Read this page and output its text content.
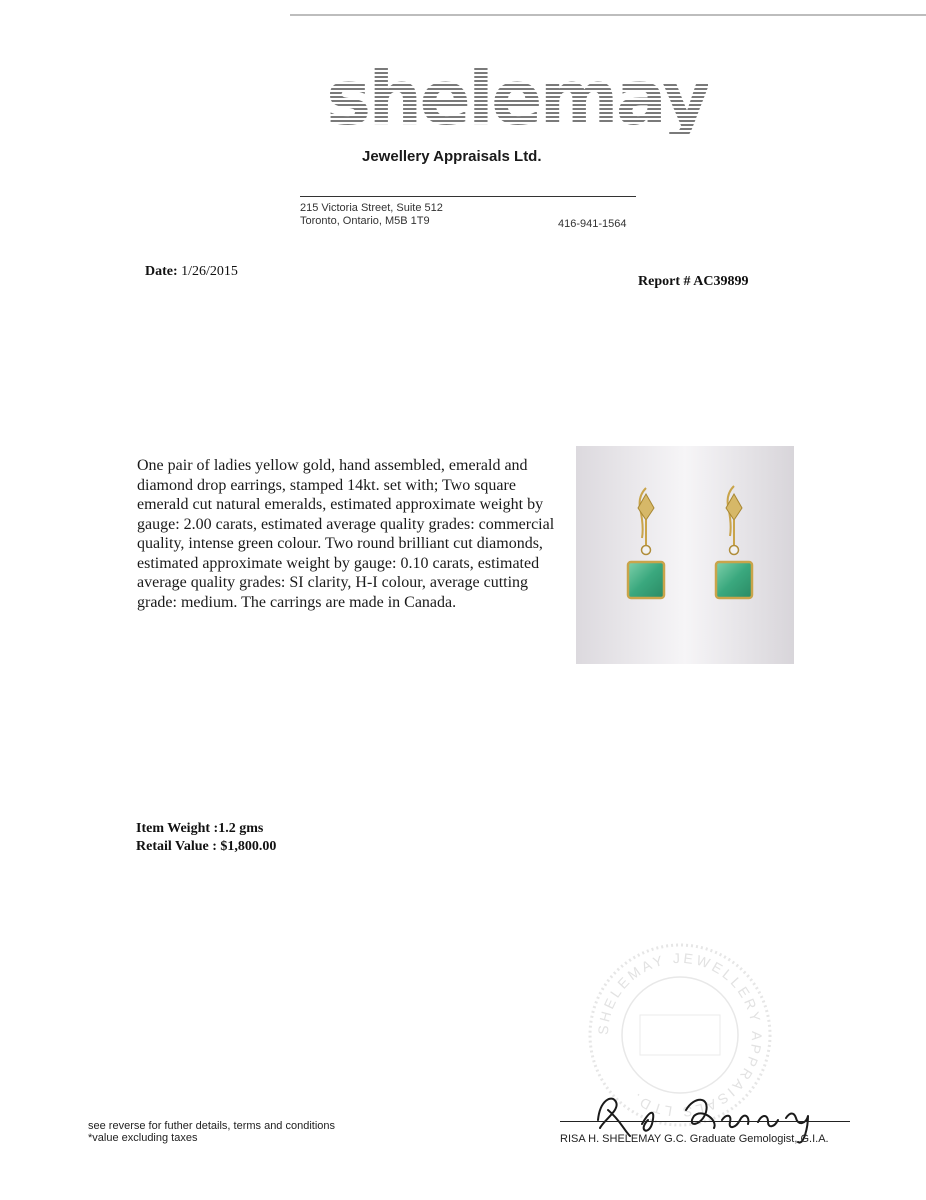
shelemay
Jewellery Appraisals Ltd.
215 Victoria Street, Suite 512
Toronto, Ontario, M5B 1T9	416-941-1564
Date: 1/26/2015
Report # AC39899

One pair of ladies yellow gold, hand assembled, emerald and diamond drop earrings, stamped 14kt. set with; Two square emerald cut natural emeralds, estimated approximate weight by gauge: 2.00 carats, estimated average quality grades: commercial quality, intense green colour. Two round brilliant cut diamonds, estimated approximate weight by gauge: 0.10 carats, estimated average quality grades: SI clarity, H-I colour, average cutting grade: medium. The carrings are made in Canada.

Item Weight :1.2 gms
Retail Value : $1,800.00
SHELEMAY JEWELLERY APPRAISALS LTD.
see reverse for futher details, terms and conditions
*value excluding taxes	RISA H. SHELEMAY G.C. Graduate Gemologist, G.I.A.
